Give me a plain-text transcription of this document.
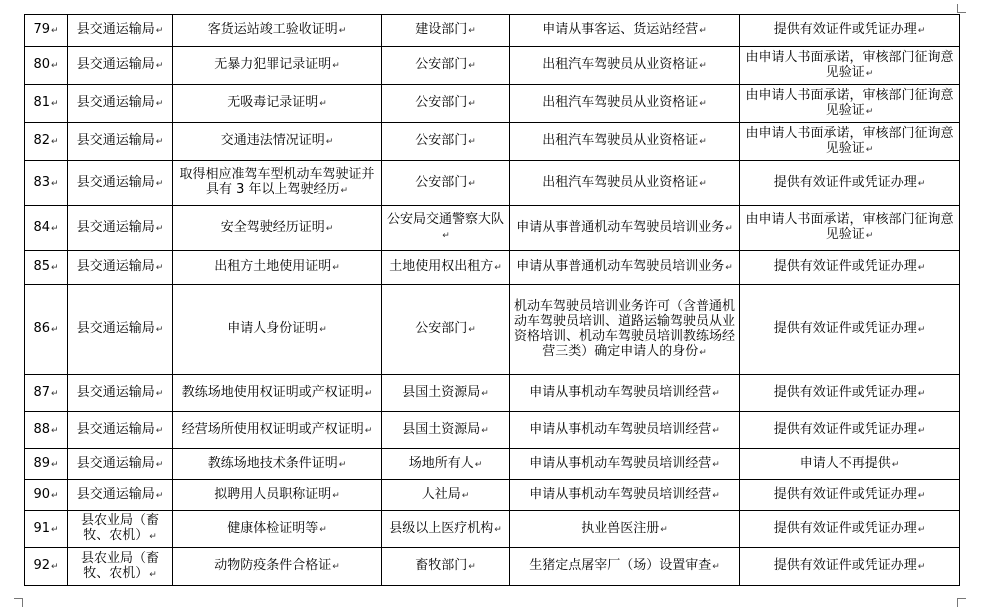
79↵	县交通运输局↵	客货运站竣工验收证明↵	建设部门↵	申请从事客运、货运站经营↵	提供有效证件或凭证办理↵
80↵	县交通运输局↵	无暴力犯罪记录证明↵	公安部门↵	出租汽车驾驶员从业资格证↵	由申请人书面承诺，审核部门征询意见验证↵
81↵	县交通运输局↵	无吸毒记录证明↵	公安部门↵	出租汽车驾驶员从业资格证↵	由申请人书面承诺，审核部门征询意见验证↵
82↵	县交通运输局↵	交通违法情况证明↵	公安部门↵	出租汽车驾驶员从业资格证↵	由申请人书面承诺，审核部门征询意见验证↵
83↵	县交通运输局↵	取得相应准驾车型机动车驾驶证并具有 3 年以上驾驶经历↵	公安部门↵	出租汽车驾驶员从业资格证↵	提供有效证件或凭证办理↵
84↵	县交通运输局↵	安全驾驶经历证明↵	公安局交通警察大队↵	申请从事普通机动车驾驶员培训业务↵	由申请人书面承诺，审核部门征询意见验证↵
85↵	县交通运输局↵	出租方土地使用证明↵	土地使用权出租方↵	申请从事普通机动车驾驶员培训业务↵	提供有效证件或凭证办理↵
86↵	县交通运输局↵	申请人身份证明↵	公安部门↵	机动车驾驶员培训业务许可（含普通机动车驾驶员培训、道路运输驾驶员从业资格培训、机动车驾驶员培训教练场经营三类）确定申请人的身份↵	提供有效证件或凭证办理↵
87↵	县交通运输局↵	教练场地使用权证明或产权证明↵	县国土资源局↵	申请从事机动车驾驶员培训经营↵	提供有效证件或凭证办理↵
88↵	县交通运输局↵	经营场所使用权证明或产权证明↵	县国土资源局↵	申请从事机动车驾驶员培训经营↵	提供有效证件或凭证办理↵
89↵	县交通运输局↵	教练场地技术条件证明↵	场地所有人↵	申请从事机动车驾驶员培训经营↵	申请人不再提供↵
90↵	县交通运输局↵	拟聘用人员职称证明↵	人社局↵	申请从事机动车驾驶员培训经营↵	提供有效证件或凭证办理↵
91↵	县农业局（畜牧、农机）↵	健康体检证明等↵	县级以上医疗机构↵	执业兽医注册↵	提供有效证件或凭证办理↵
92↵	县农业局（畜牧、农机）↵	动物防疫条件合格证↵	畜牧部门↵	生猪定点屠宰厂（场）设置审查↵	提供有效证件或凭证办理↵
